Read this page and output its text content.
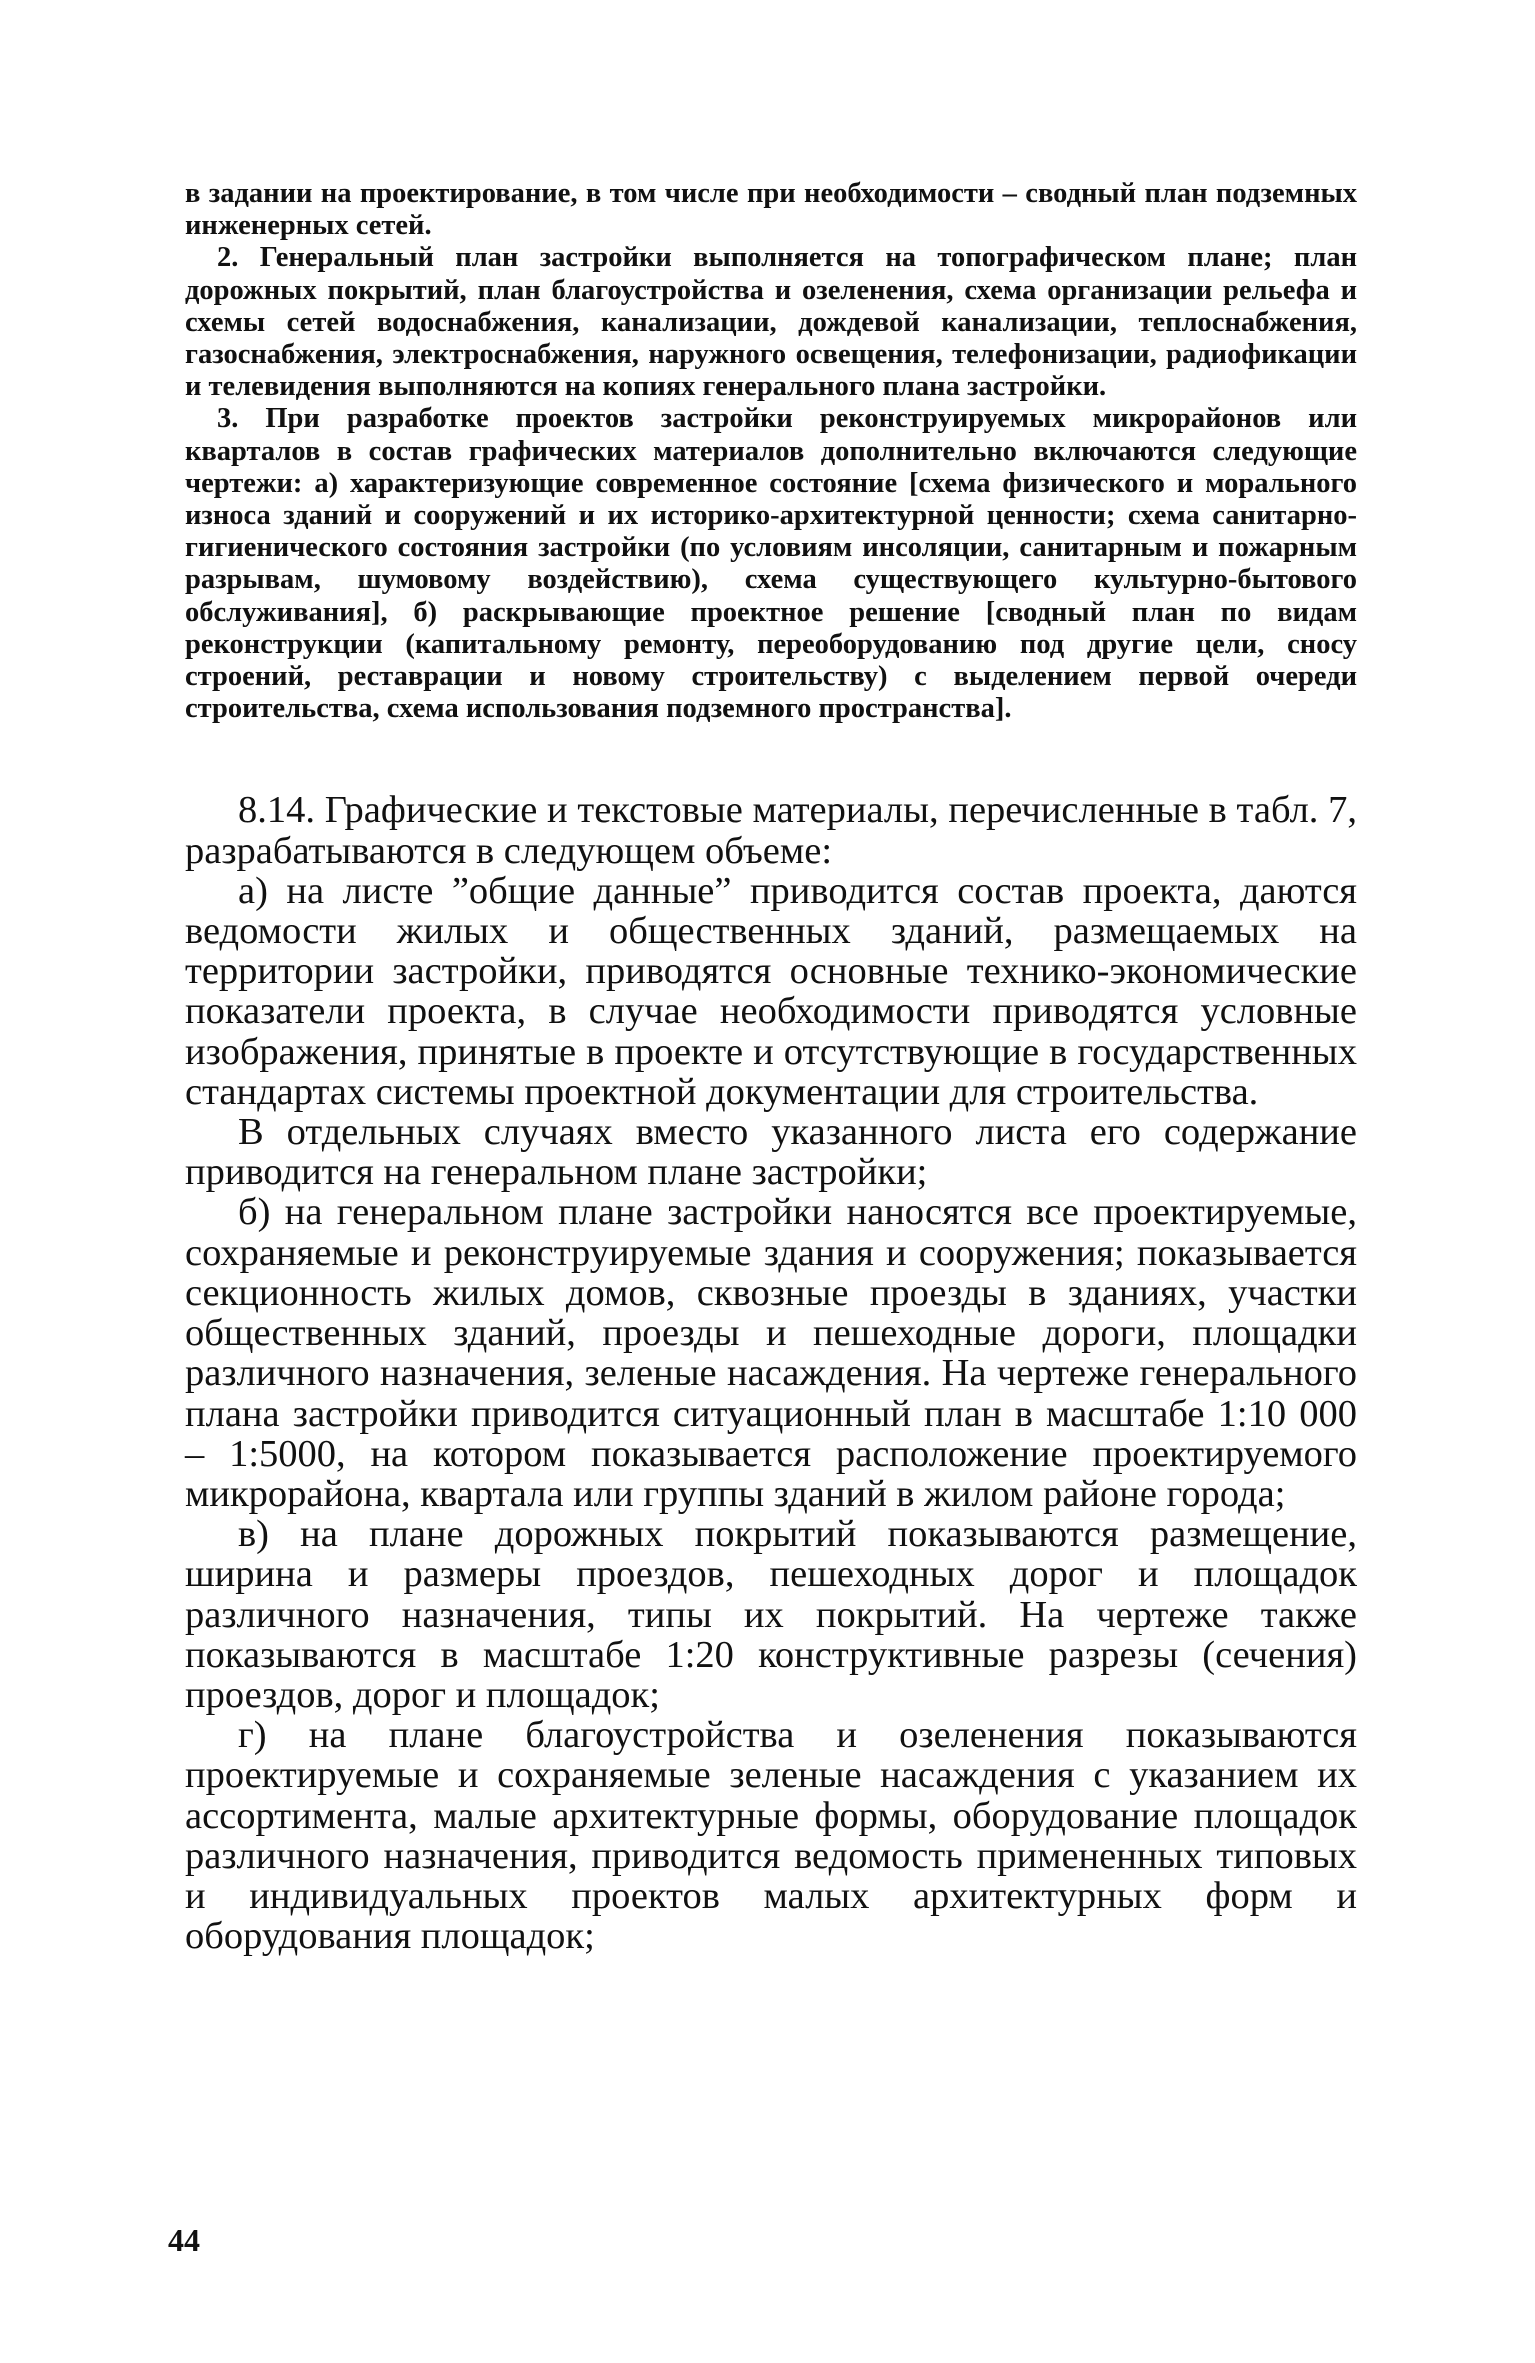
в задании на проектирование, в том числе при необходимости – сводный план подземных инженерных сетей.

2. Генеральный план застройки выполняется на топографическом плане; план дорожных покрытий, план благоустройства и озеленения, схема организации рельефа и схемы сетей водоснабжения, канализации, дождевой канализации, теплоснабжения, газоснабжения, электроснабжения, наружного освещения, телефонизации, радиофикации и телевидения выполняются на копиях генерального плана застройки.

3. При разработке проектов застройки реконструируемых микрорайонов или кварталов в состав графических материалов дополнительно включаются следующие чертежи: а) характеризующие современное состояние [схема физического и морального износа зданий и сооружений и их историко-архитектурной ценности; схема санитарно-гигиенического состояния застройки (по условиям инсоляции, санитарным и пожарным разрывам, шумовому воздействию), схема существующего культурно-бытового обслуживания], б) раскрывающие проектное решение [сводный план по видам реконструкции (капитальному ремонту, переоборудованию под другие цели, сносу строений, реставрации и новому строительству) с выделением первой очереди строительства, схема использования подземного пространства].

8.14. Графические и текстовые материалы, перечисленные в табл. 7, разрабатываются в следующем объеме:

а) на листе ”общие данные” приводится состав проекта, даются ведомости жилых и общественных зданий, размещаемых на территории застройки, приводятся основные технико-экономические показатели проекта, в случае необходимости приводятся условные изображения, принятые в проекте и отсутствующие в государственных стандартах системы проектной документации для строительства.

В отдельных случаях вместо указанного листа его содержание приводится на генеральном плане застройки;

б) на генеральном плане застройки наносятся все проектируемые, сохраняемые и реконструируемые здания и сооружения; показывается секционность жилых домов, сквозные проезды в зданиях, участки общественных зданий, проезды и пешеходные дороги, площадки различного назначения, зеленые насаждения. На чертеже генерального плана застройки приводится ситуационный план в масштабе 1:10 000 – 1:5000, на котором показывается расположение проектируемого микрорайона, квартала или группы зданий в жилом районе города;

в) на плане дорожных покрытий показываются размещение, ширина и размеры проездов, пешеходных дорог и площадок различного назначения, типы их покрытий. На чертеже также показываются в масштабе 1:20 конструктивные разрезы (сечения) проездов, дорог и площадок;

г) на плане благоустройства и озеленения показываются проектируемые и сохраняемые зеленые насаждения с указанием их ассортимента, малые архитектурные формы, оборудование площадок различного назначения, приводится ведомость примененных типовых и индивидуальных проектов малых архитектурных форм и оборудования площадок;

44
